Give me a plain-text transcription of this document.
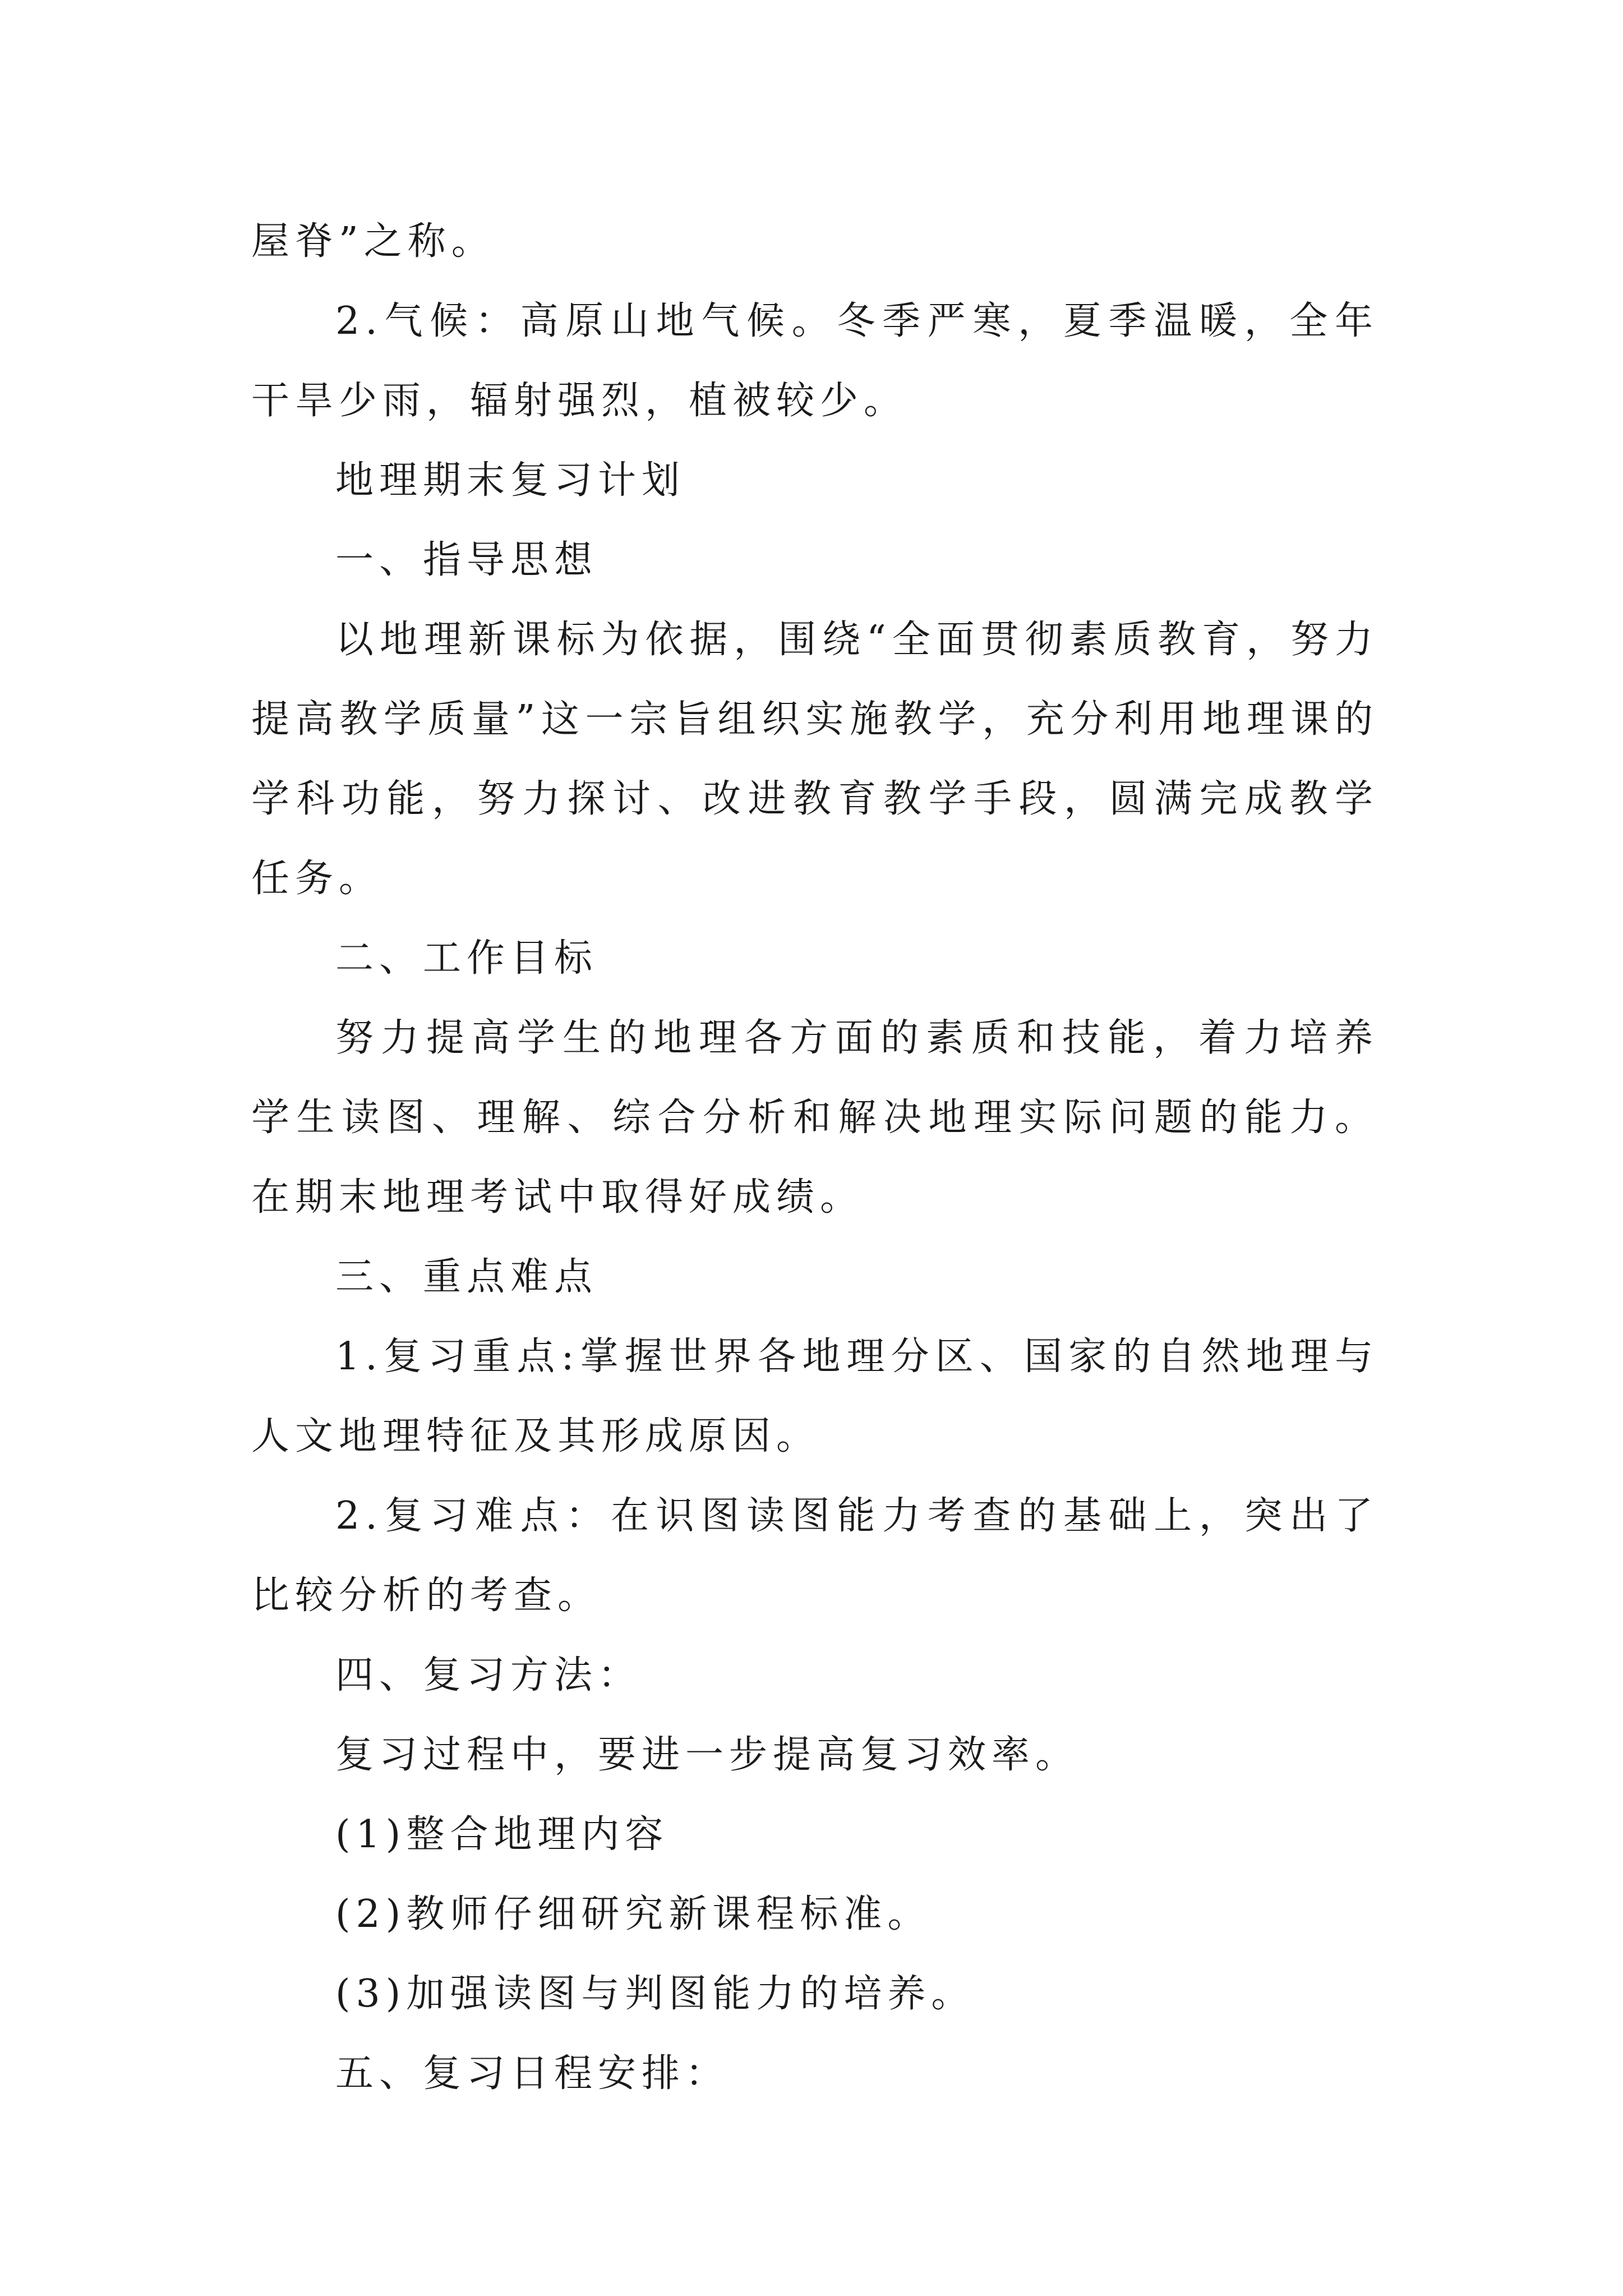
屋脊”之称。

2.气候：高原山地气候。冬季严寒，夏季温暖，全年干旱少雨，辐射强烈，植被较少。

地理期末复习计划

一、指导思想

以地理新课标为依据，围绕“全面贯彻素质教育，努力提高教学质量”这一宗旨组织实施教学，充分利用地理课的学科功能，努力探讨、改进教育教学手段，圆满完成教学任务。

二、工作目标

努力提高学生的地理各方面的素质和技能，着力培养学生读图、理解、综合分析和解决地理实际问题的能力。在期末地理考试中取得好成绩。

三、重点难点

1.复习重点:掌握世界各地理分区、国家的自然地理与人文地理特征及其形成原因。

2.复习难点：在识图读图能力考查的基础上，突出了比较分析的考查。

四、复习方法：

复习过程中，要进一步提高复习效率。

(1)整合地理内容

(2)教师仔细研究新课程标准。

(3)加强读图与判图能力的培养。

五、复习日程安排：
